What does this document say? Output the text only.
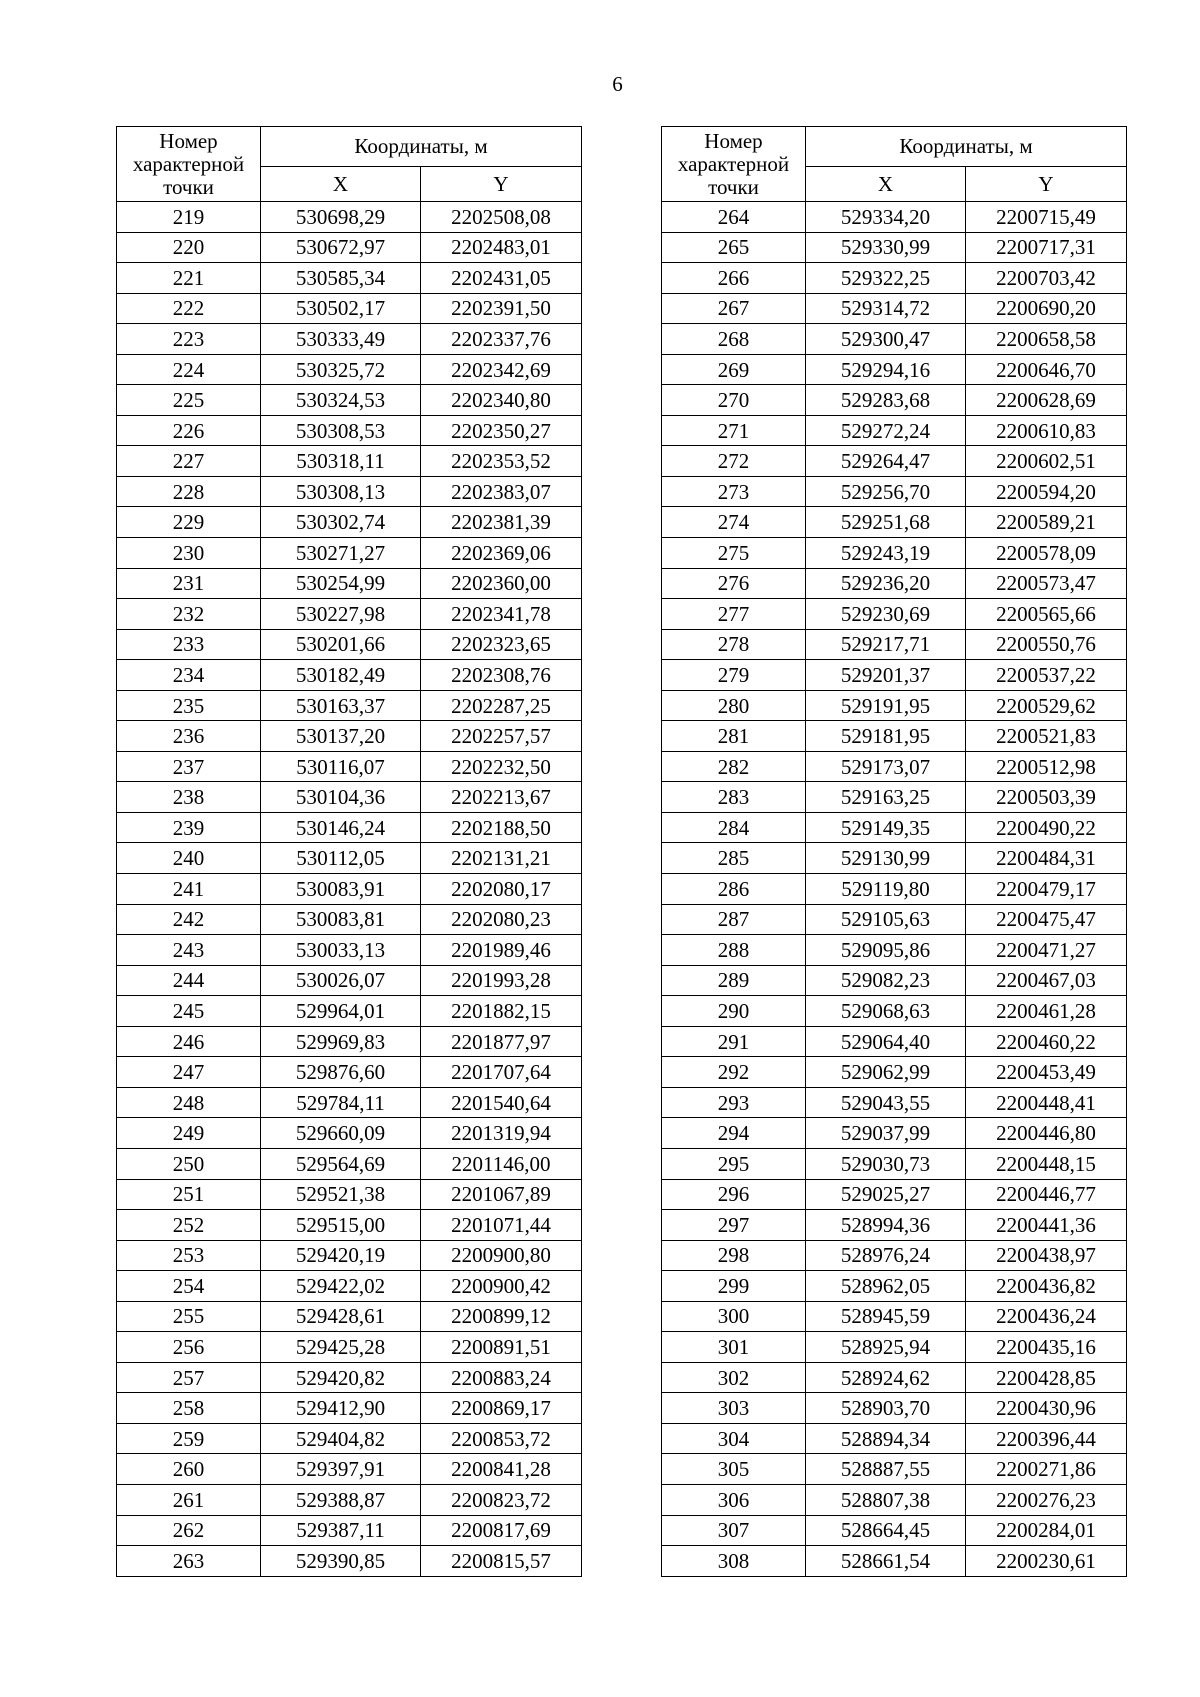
6
Номер характерной точки	Координаты, м	
	X	Y
219	530698,29	2202508,08
220	530672,97	2202483,01
221	530585,34	2202431,05
222	530502,17	2202391,50
223	530333,49	2202337,76
224	530325,72	2202342,69
225	530324,53	2202340,80
226	530308,53	2202350,27
227	530318,11	2202353,52
228	530308,13	2202383,07
229	530302,74	2202381,39
230	530271,27	2202369,06
231	530254,99	2202360,00
232	530227,98	2202341,78
233	530201,66	2202323,65
234	530182,49	2202308,76
235	530163,37	2202287,25
236	530137,20	2202257,57
237	530116,07	2202232,50
238	530104,36	2202213,67
239	530146,24	2202188,50
240	530112,05	2202131,21
241	530083,91	2202080,17
242	530083,81	2202080,23
243	530033,13	2201989,46
244	530026,07	2201993,28
245	529964,01	2201882,15
246	529969,83	2201877,97
247	529876,60	2201707,64
248	529784,11	2201540,64
249	529660,09	2201319,94
250	529564,69	2201146,00
251	529521,38	2201067,89
252	529515,00	2201071,44
253	529420,19	2200900,80
254	529422,02	2200900,42
255	529428,61	2200899,12
256	529425,28	2200891,51
257	529420,82	2200883,24
258	529412,90	2200869,17
259	529404,82	2200853,72
260	529397,91	2200841,28
261	529388,87	2200823,72
262	529387,11	2200817,69
263	529390,85	2200815,57
Номер характерной точки	Координаты, м	
	X	Y
264	529334,20	2200715,49
265	529330,99	2200717,31
266	529322,25	2200703,42
267	529314,72	2200690,20
268	529300,47	2200658,58
269	529294,16	2200646,70
270	529283,68	2200628,69
271	529272,24	2200610,83
272	529264,47	2200602,51
273	529256,70	2200594,20
274	529251,68	2200589,21
275	529243,19	2200578,09
276	529236,20	2200573,47
277	529230,69	2200565,66
278	529217,71	2200550,76
279	529201,37	2200537,22
280	529191,95	2200529,62
281	529181,95	2200521,83
282	529173,07	2200512,98
283	529163,25	2200503,39
284	529149,35	2200490,22
285	529130,99	2200484,31
286	529119,80	2200479,17
287	529105,63	2200475,47
288	529095,86	2200471,27
289	529082,23	2200467,03
290	529068,63	2200461,28
291	529064,40	2200460,22
292	529062,99	2200453,49
293	529043,55	2200448,41
294	529037,99	2200446,80
295	529030,73	2200448,15
296	529025,27	2200446,77
297	528994,36	2200441,36
298	528976,24	2200438,97
299	528962,05	2200436,82
300	528945,59	2200436,24
301	528925,94	2200435,16
302	528924,62	2200428,85
303	528903,70	2200430,96
304	528894,34	2200396,44
305	528887,55	2200271,86
306	528807,38	2200276,23
307	528664,45	2200284,01
308	528661,54	2200230,61
